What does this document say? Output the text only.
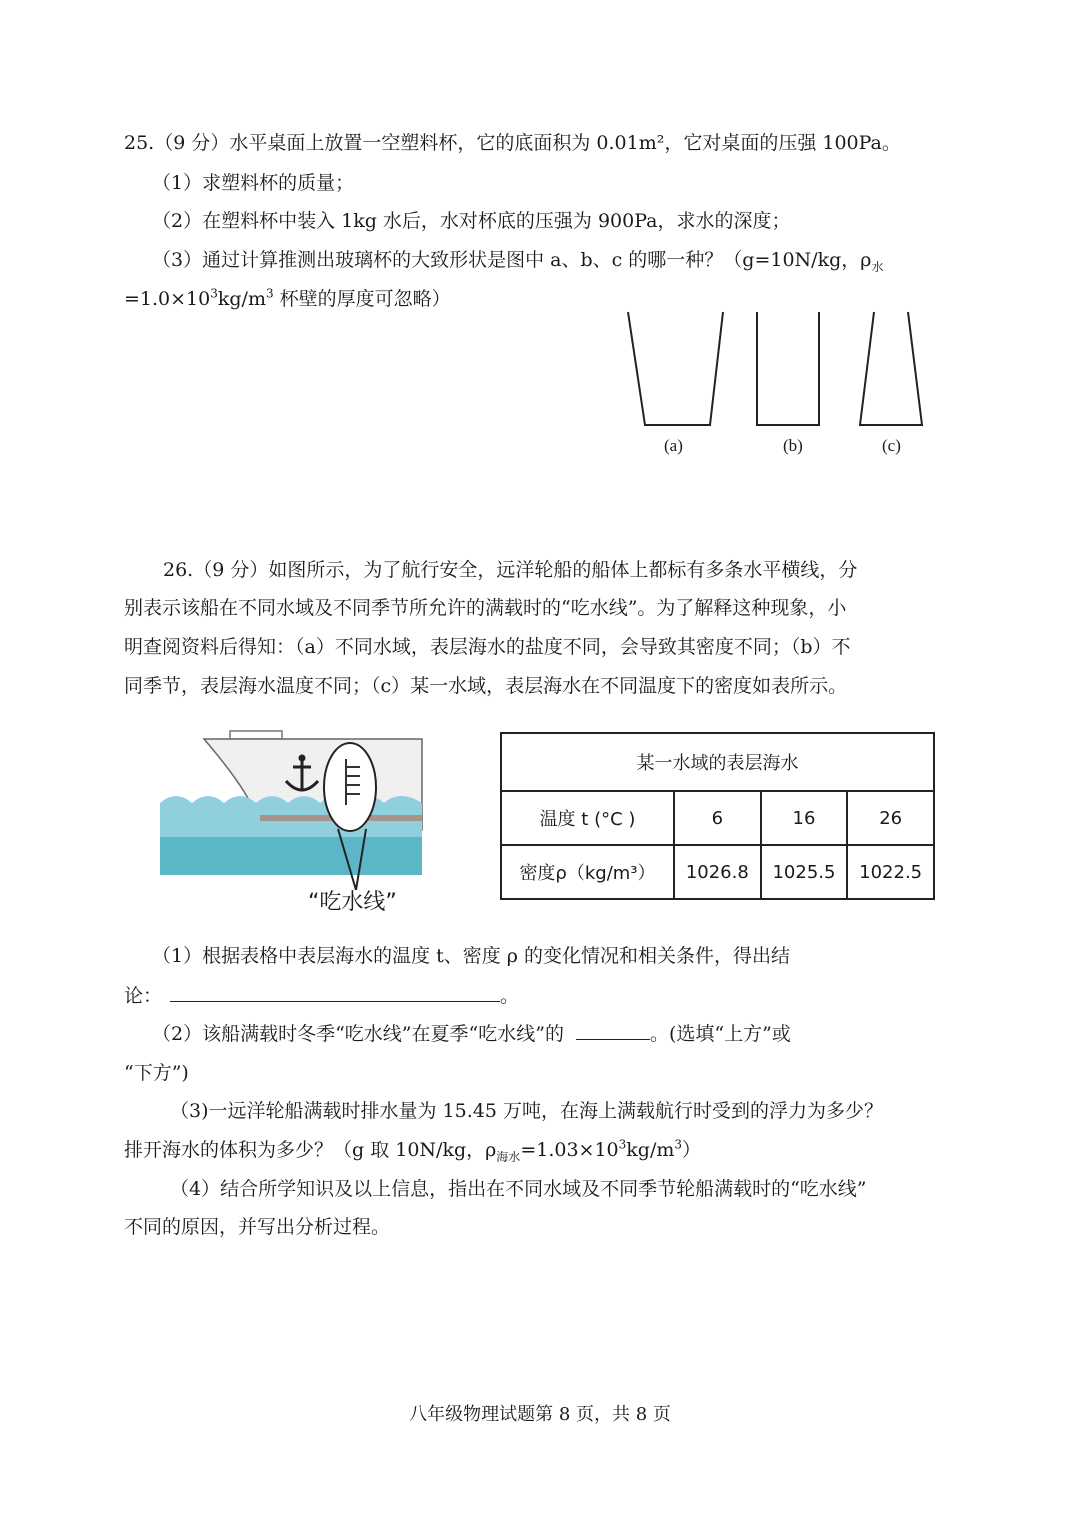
25.（9 分）水平桌面上放置一空塑料杯，它的底面积为 0.01m²，它对桌面的压强 100Pa。
（1）求塑料杯的质量；
（2）在塑料杯中装入 1kg 水后，水对杯底的压强为 900Pa，求水的深度；
（3）通过计算推测出玻璃杯的大致形状是图中 a、b、c 的哪一种？（g=10N/kg，$\rho_水$
$=1.0\times 10^3kg/m^3$ 杯壁的厚度可忽略）
(a)	(b)	(c)
26.（9 分）如图所示，为了航行安全，远洋轮船的船体上都标有多条水平横线，分
别表示该船在不同水域及不同季节所允许的满载时的“吃水线”。为了解释这种现象，小
明查阅资料后得知：（a）不同水域，表层海水的盐度不同，会导致其密度不同；（b）不
同季节，表层海水温度不同；（c）某一水域，表层海水在不同温度下的密度如表所示。
“吃水线”
某一水域的表层海水			
温度 t (°C )	6	16	26
密度ρ（kg/m³）	1026.8	1025.5	1022.5
（1）根据表格中表层海水的温度 t、密度 ρ 的变化情况和相关条件，得出结
论：	。
（2）该船满载时冬季“吃水线”在夏季“吃水线”的	。(选填“上方”或
“下方”)
（3)一远洋轮船满载时排水量为 15.45 万吨，在海上满载航行时受到的浮力为多少？
排开海水的体积为多少？（g 取 10N/kg，$\rho_{海水}=1.03\times 10^3kg/m^3$）
（4）结合所学知识及以上信息，指出在不同水域及不同季节轮船满载时的“吃水线”
不同的原因，并写出分析过程。
八年级物理试题第 8 页，共 8 页
